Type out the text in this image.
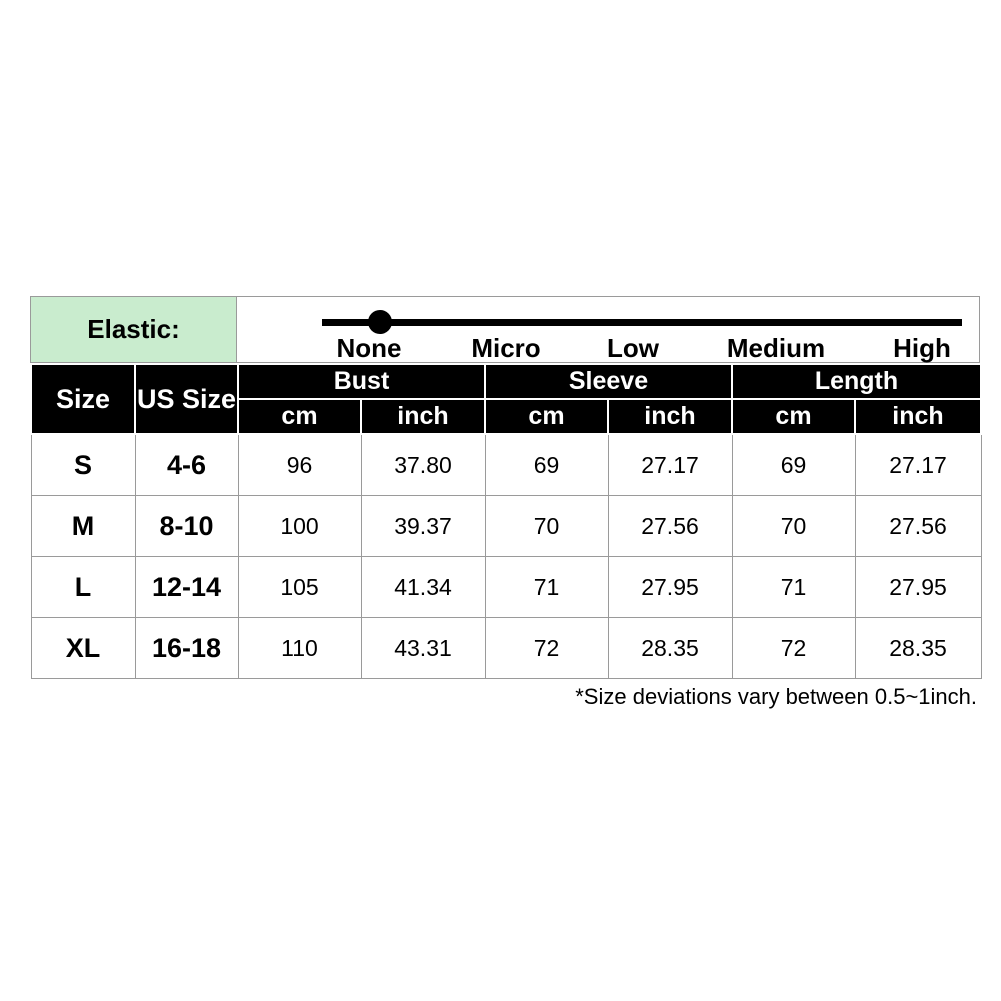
Elastic:
None	Micro	Low	Medium	High
Size	US Size	Bust		Sleeve		Length	
		cm	inch	cm	inch	cm	inch
S	4-6	96	37.80	69	27.17	69	27.17
M	8-10	100	39.37	70	27.56	70	27.56
L	12-14	105	41.34	71	27.95	71	27.95
XL	16-18	110	43.31	72	28.35	72	28.35
*Size deviations vary between 0.5~1inch.
